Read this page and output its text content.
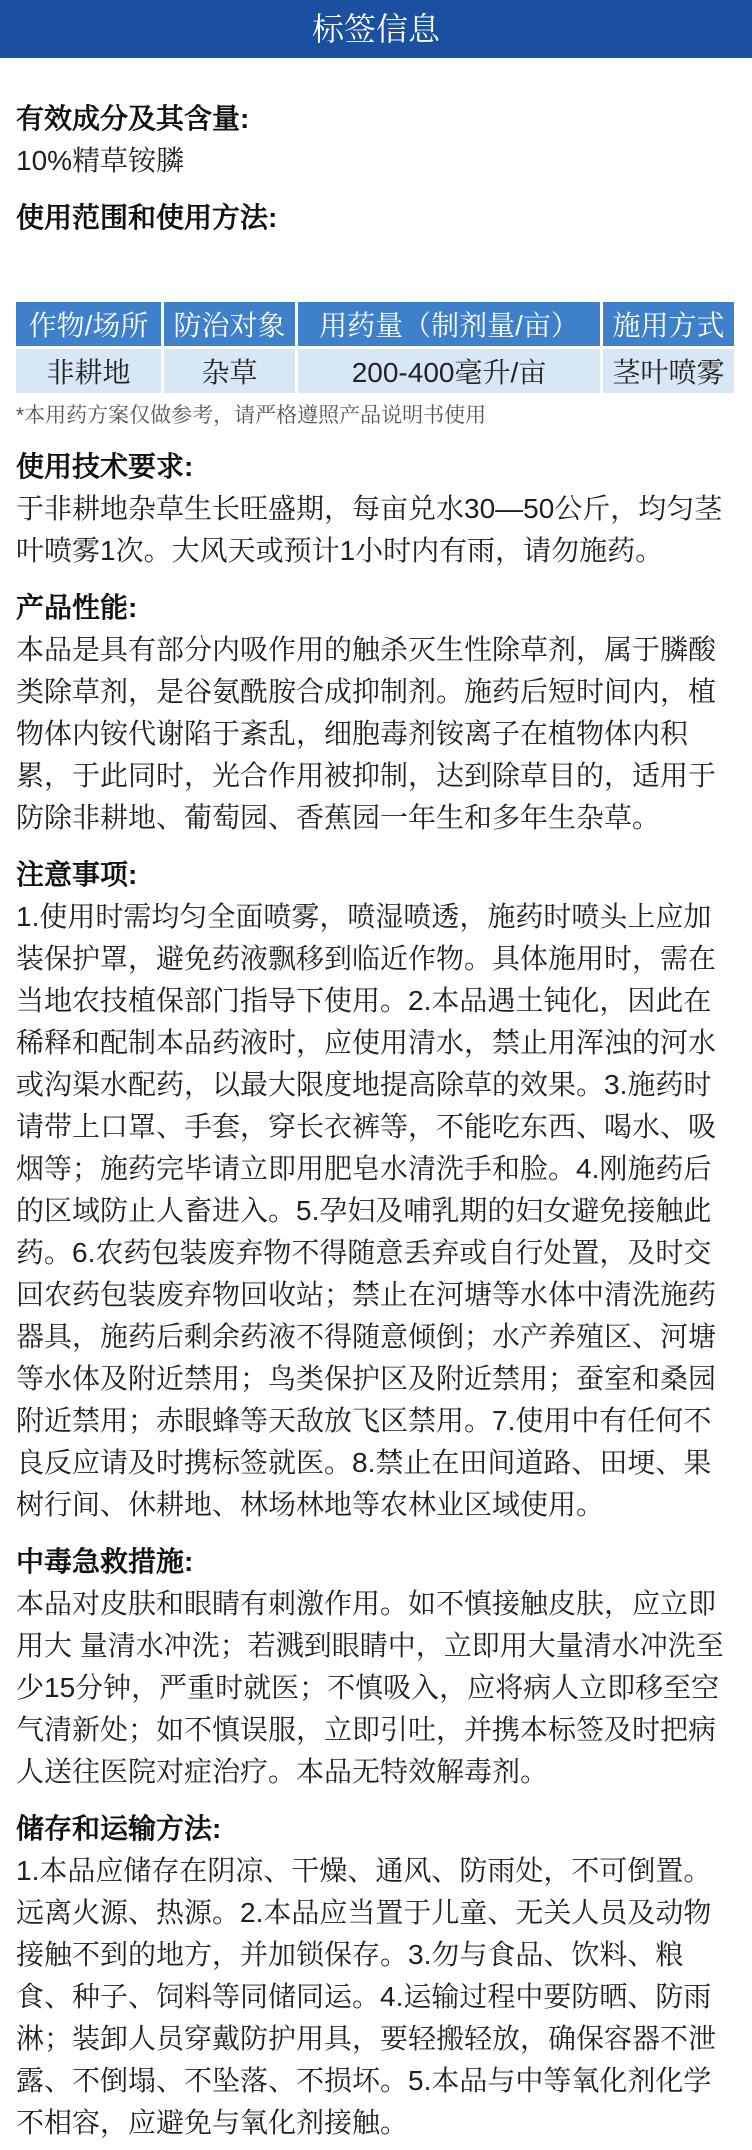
标签信息
有效成分及其含量:
10%精草铵膦
使用范围和使用方法:
作物/场所	防治对象	用药量（制剂量/亩）	施用方式
非耕地	杂草	200-400毫升/亩	茎叶喷雾
*本用药方案仅做参考，请严格遵照产品说明书使用
使用技术要求:
于非耕地杂草生长旺盛期，每亩兑水30—50公斤，均匀茎
叶喷雾1次。大风天或预计1小时内有雨，请勿施药。
产品性能:
本品是具有部分内吸作用的触杀灭生性除草剂，属于膦酸
类除草剂，是谷氨酰胺合成抑制剂。施药后短时间内，植
物体内铵代谢陷于紊乱，细胞毒剂铵离子在植物体内积
累，于此同时，光合作用被抑制，达到除草目的，适用于
防除非耕地、葡萄园、香蕉园一年生和多年生杂草。
注意事项:
1.使用时需均匀全面喷雾，喷湿喷透，施药时喷头上应加
装保护罩，避免药液飘移到临近作物。具体施用时，需在
当地农技植保部门指导下使用。2.本品遇土钝化，因此在
稀释和配制本品药液时，应使用清水，禁止用浑浊的河水
或沟渠水配药，以最大限度地提高除草的效果。3.施药时
请带上口罩、手套，穿长衣裤等，不能吃东西、喝水、吸
烟等；施药完毕请立即用肥皂水清洗手和脸。4.刚施药后
的区域防止人畜进入。5.孕妇及哺乳期的妇女避免接触此
药。6.农药包装废弃物不得随意丢弃或自行处置，及时交
回农药包装废弃物回收站；禁止在河塘等水体中清洗施药
器具，施药后剩余药液不得随意倾倒；水产养殖区、河塘
等水体及附近禁用；鸟类保护区及附近禁用；蚕室和桑园
附近禁用；赤眼蜂等天敌放飞区禁用。7.使用中有任何不
良反应请及时携标签就医。8.禁止在田间道路、田埂、果
树行间、休耕地、林场林地等农林业区域使用。
中毒急救措施:
本品对皮肤和眼睛有刺激作用。如不慎接触皮肤，应立即
用大 量清水冲洗；若溅到眼睛中，立即用大量清水冲洗至
少15分钟，严重时就医；不慎吸入，应将病人立即移至空
气清新处；如不慎误服，立即引吐，并携本标签及时把病
人送往医院对症治疗。本品无特效解毒剂。
储存和运输方法:
1.本品应储存在阴凉、干燥、通风、防雨处，不可倒置。
远离火源、热源。2.本品应当置于儿童、无关人员及动物
接触不到的地方，并加锁保存。3.勿与食品、饮料、粮
食、种子、饲料等同储同运。4.运输过程中要防晒、防雨
淋；装卸人员穿戴防护用具，要轻搬轻放，确保容器不泄
露、不倒塌、不坠落、不损坏。5.本品与中等氧化剂化学
不相容，应避免与氧化剂接触。
